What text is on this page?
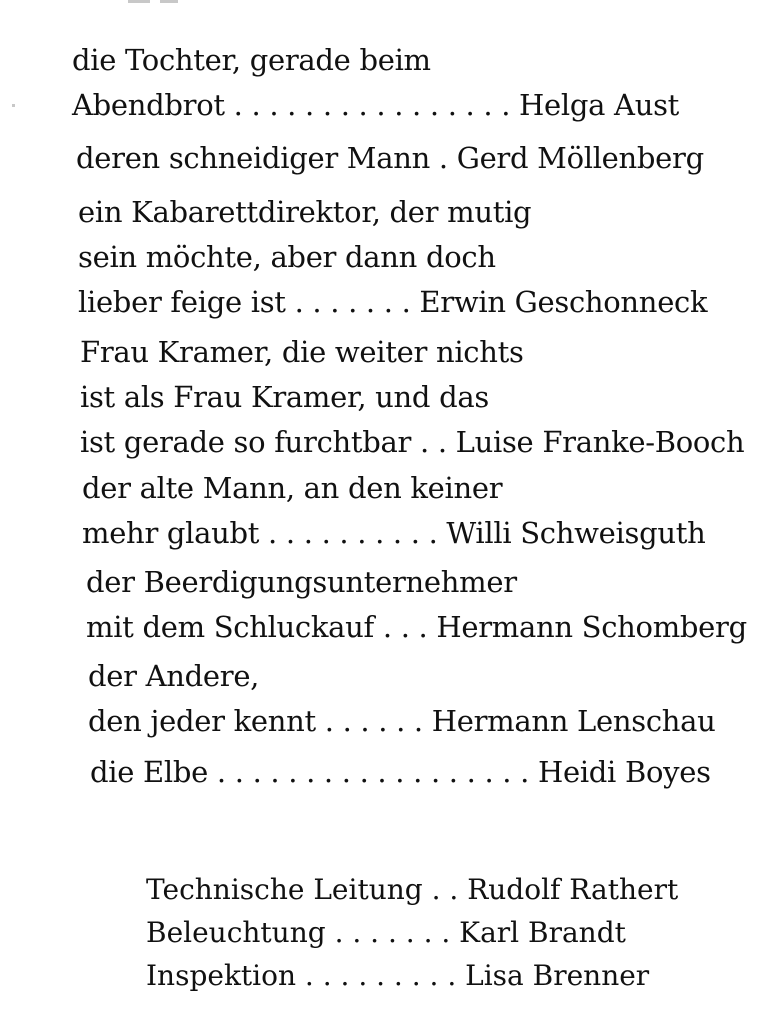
die Tochter, gerade beim
Abendbrot . . . . . . . . . . . . . . . . Helga Aust
deren schneidiger Mann . Gerd Möllenberg
ein Kabarettdirektor, der mutig
sein möchte, aber dann doch
lieber feige ist . . . . . . . Erwin Geschonneck
Frau Kramer, die weiter nichts
ist als Frau Kramer, und das
ist gerade so furchtbar . . Luise Franke-Booch
der alte Mann, an den keiner
mehr glaubt . . . . . . . . . . Willi Schweisguth
der Beerdigungsunternehmer
mit dem Schluckauf . . . Hermann Schomberg
der Andere,
den jeder kennt . . . . . . Hermann Lenschau
die Elbe . . . . . . . . . . . . . . . . . . Heidi Boyes
Technische Leitung . . Rudolf Rathert
Beleuchtung . . . . . . . Karl Brandt
Inspektion . . . . . . . . . Lisa Brenner
